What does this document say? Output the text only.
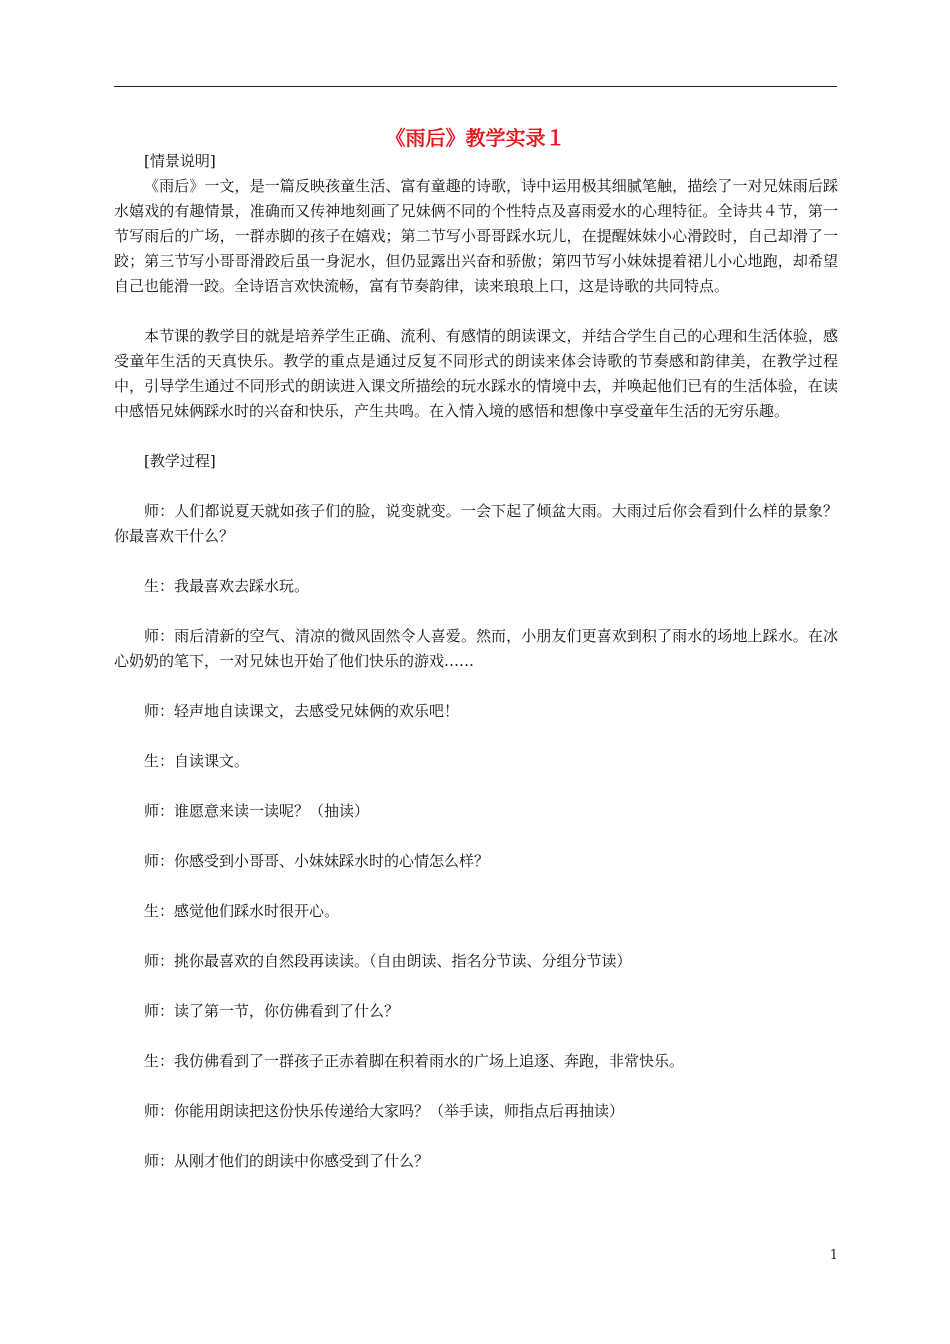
《雨后》教学实录１

[情景说明]

《雨后》一文，是一篇反映孩童生活、富有童趣的诗歌，诗中运用极其细腻笔触，描绘了一对兄妹雨后踩水嬉戏的有趣情景，准确而又传神地刻画了兄妹俩不同的个性特点及喜雨爱水的心理特征。全诗共４节，第一节写雨后的广场，一群赤脚的孩子在嬉戏；第二节写小哥哥踩水玩儿，在提醒妹妹小心滑跤时，自己却滑了一跤；第三节写小哥哥滑跤后虽一身泥水，但仍显露出兴奋和骄傲；第四节写小妹妹提着裙儿小心地跑，却希望自己也能滑一跤。全诗语言欢快流畅，富有节奏韵律，读来琅琅上口，这是诗歌的共同特点。

本节课的教学目的就是培养学生正确、流利、有感情的朗读课文，并结合学生自己的心理和生活体验，感受童年生活的天真快乐。教学的重点是通过反复不同形式的朗读来体会诗歌的节奏感和韵律美，在教学过程中，引导学生通过不同形式的朗读进入课文所描绘的玩水踩水的情境中去，并唤起他们已有的生活体验，在读中感悟兄妹俩踩水时的兴奋和快乐，产生共鸣。在入情入境的感悟和想像中享受童年生活的无穷乐趣。

[教学过程]

师：人们都说夏天就如孩子们的脸，说变就变。一会下起了倾盆大雨。大雨过后你会看到什么样的景象？你最喜欢干什么？

生：我最喜欢去踩水玩。

师：雨后清新的空气、清凉的微风固然令人喜爱。然而，小朋友们更喜欢到积了雨水的场地上踩水。在冰心奶奶的笔下，一对兄妹也开始了他们快乐的游戏……

师：轻声地自读课文，去感受兄妹俩的欢乐吧！

生：自读课文。

师：谁愿意来读一读呢？（抽读）

师：你感受到小哥哥、小妹妹踩水时的心情怎么样？

生：感觉他们踩水时很开心。

师：挑你最喜欢的自然段再读读。（自由朗读、指名分节读、分组分节读）

师：读了第一节，你仿佛看到了什么？

生：我仿佛看到了一群孩子正赤着脚在积着雨水的广场上追逐、奔跑，非常快乐。

师：你能用朗读把这份快乐传递给大家吗？（举手读，师指点后再抽读）

师：从刚才他们的朗读中你感受到了什么？

1
